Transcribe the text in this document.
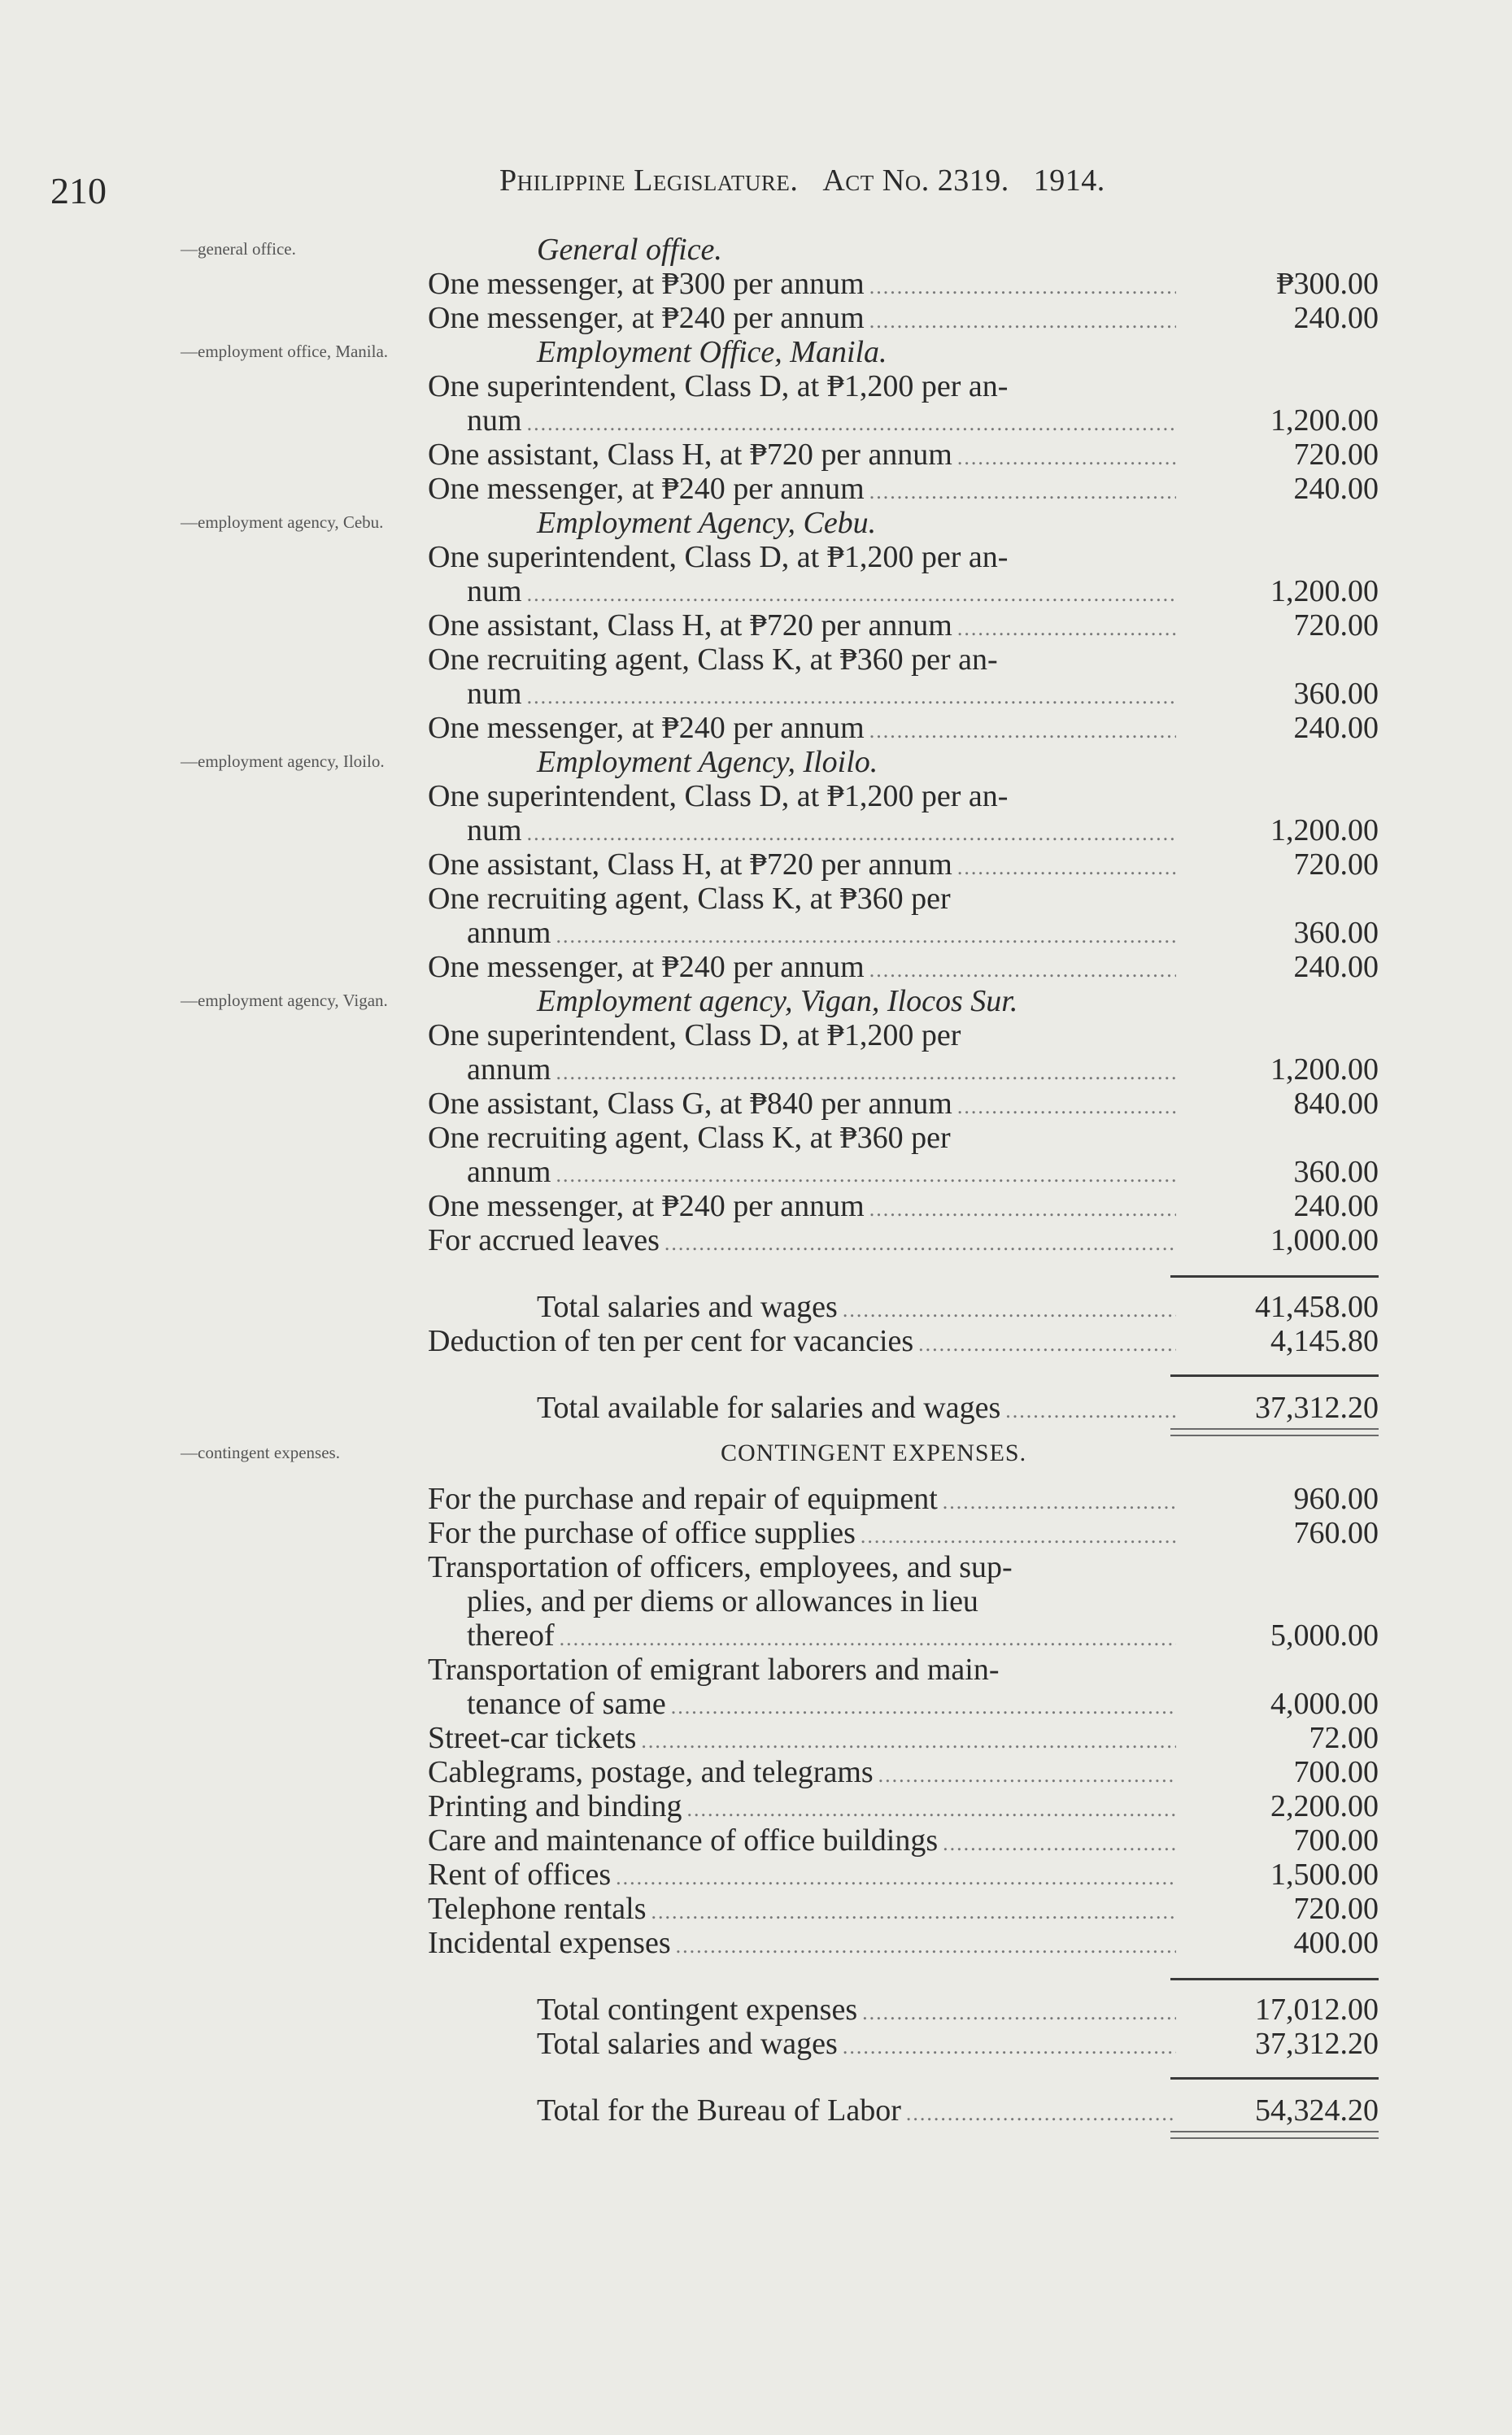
210	Philippine Legislature. Act No. 2319. 1914.
—general office.	General office.
One messenger, at ₱300 per annum .....	₱300.00
One messenger, at ₱240 per annum .....	240.00
—employment office, Manila.	Employment Office, Manila.
One superintendent, Class D, at ₱1,200 per an-
num .....	1,200.00
One assistant, Class H, at ₱720 per annum .....	720.00
One messenger, at ₱240 per annum .....	240.00
—employment agency, Cebu.	Employment Agency, Cebu.
One superintendent, Class D, at ₱1,200 per an-
num .....	1,200.00
One assistant, Class H, at ₱720 per annum .....	720.00
One recruiting agent, Class K, at ₱360 per an-
num .....	360.00
One messenger, at ₱240 per annum .....	240.00
—employment agency, Iloilo.	Employment Agency, Iloilo.
One superintendent, Class D, at ₱1,200 per an-
num .....	1,200.00
One assistant, Class H, at ₱720 per annum .....	720.00
One recruiting agent, Class K, at ₱360 per
annum .....	360.00
One messenger, at ₱240 per annum .....	240.00
—employment agency, Vigan.	Employment agency, Vigan, Ilocos Sur.
One superintendent, Class D, at ₱1,200 per
annum .....	1,200.00
One assistant, Class G, at ₱840 per annum .....	840.00
One recruiting agent, Class K, at ₱360 per
annum .....	360.00
One messenger, at ₱240 per annum .....	240.00
For accrued leaves .....	1,000.00
Total salaries and wages .....	41,458.00
Deduction of ten per cent for vacancies .....	4,145.80
Total available for salaries and wages .....	37,312.20
—contingent expenses.	CONTINGENT EXPENSES.
For the purchase and repair of equipment .....	960.00
For the purchase of office supplies .....	760.00
Transportation of officers, employees, and sup-
plies, and per diems or allowances in lieu
thereof .....	5,000.00
Transportation of emigrant laborers and main-
tenance of same .....	4,000.00
Street-car tickets .....	72.00
Cablegrams, postage, and telegrams .....	700.00
Printing and binding .....	2,200.00
Care and maintenance of office buildings .....	700.00
Rent of offices .....	1,500.00
Telephone rentals .....	720.00
Incidental expenses .....	400.00
Total contingent expenses .....	17,012.00
Total salaries and wages .....	37,312.20
Total for the Bureau of Labor .....	54,324.20
